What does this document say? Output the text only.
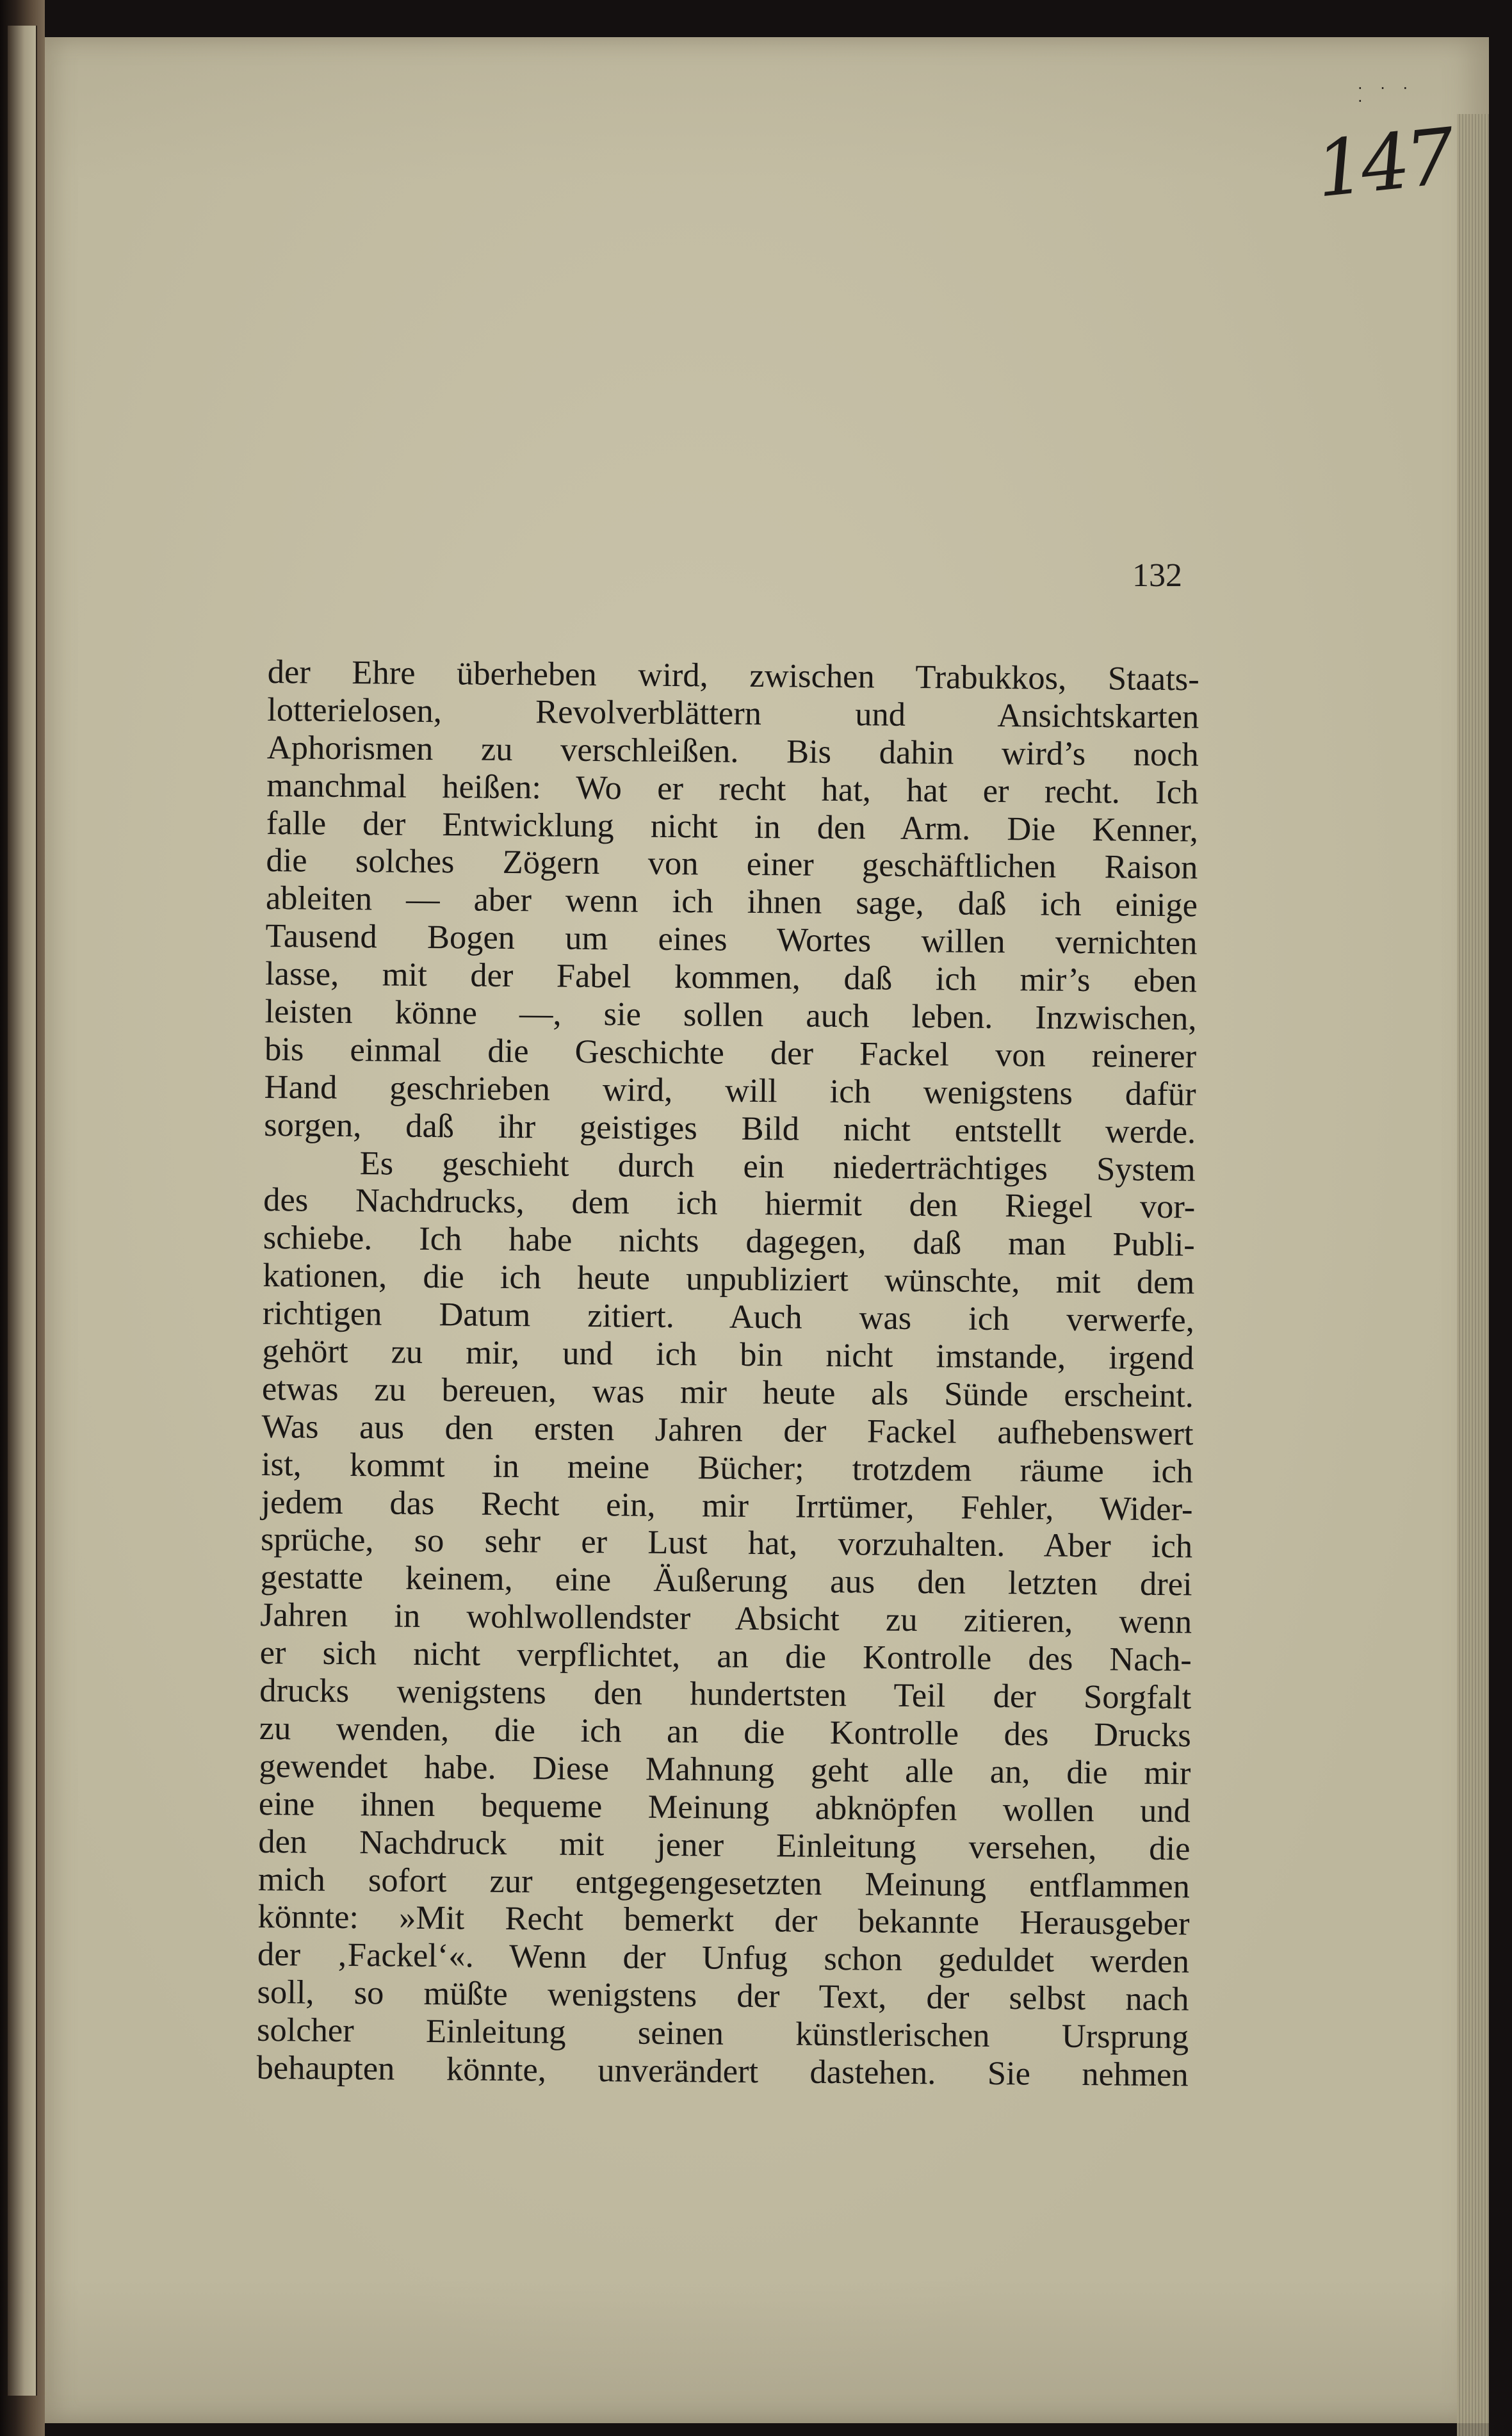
· · · ·
147
132
der Ehre überheben wird, zwischen Trabukkos, Staats-
lotterielosen, Revolverblättern und Ansichtskarten
Aphorismen zu verschleißen. Bis dahin wird’s noch
manchmal heißen: Wo er recht hat, hat er recht. Ich
falle der Entwicklung nicht in den Arm. Die Kenner,
die solches Zögern von einer geschäftlichen Raison
ableiten — aber wenn ich ihnen sage, daß ich einige
Tausend Bogen um eines Wortes willen vernichten
lasse, mit der Fabel kommen, daß ich mir’s eben
leisten könne —, sie sollen auch leben. Inzwischen,
bis einmal die Geschichte der Fackel von reinerer
Hand geschrieben wird, will ich wenigstens dafür
sorgen, daß ihr geistiges Bild nicht entstellt werde.
Es geschieht durch ein niederträchtiges System
des Nachdrucks, dem ich hiermit den Riegel vor-
schiebe. Ich habe nichts dagegen, daß man Publi-
kationen, die ich heute unpubliziert wünschte, mit dem
richtigen Datum zitiert. Auch was ich verwerfe,
gehört zu mir, und ich bin nicht imstande, irgend
etwas zu bereuen, was mir heute als Sünde erscheint.
Was aus den ersten Jahren der Fackel aufhebenswert
ist, kommt in meine Bücher; trotzdem räume ich
jedem das Recht ein, mir Irrtümer, Fehler, Wider-
sprüche, so sehr er Lust hat, vorzuhalten. Aber ich
gestatte keinem, eine Äußerung aus den letzten drei
Jahren in wohlwollendster Absicht zu zitieren, wenn
er sich nicht verpflichtet, an die Kontrolle des Nach-
drucks wenigstens den hundertsten Teil der Sorgfalt
zu wenden, die ich an die Kontrolle des Drucks
gewendet habe. Diese Mahnung geht alle an, die mir
eine ihnen bequeme Meinung abknöpfen wollen und
den Nachdruck mit jener Einleitung versehen, die
mich sofort zur entgegengesetzten Meinung entflammen
könnte: »Mit Recht bemerkt der bekannte Herausgeber
der ‚Fackel‘«. Wenn der Unfug schon geduldet werden
soll, so müßte wenigstens der Text, der selbst nach
solcher Einleitung seinen künstlerischen Ursprung
behaupten könnte, unverändert dastehen. Sie nehmen
